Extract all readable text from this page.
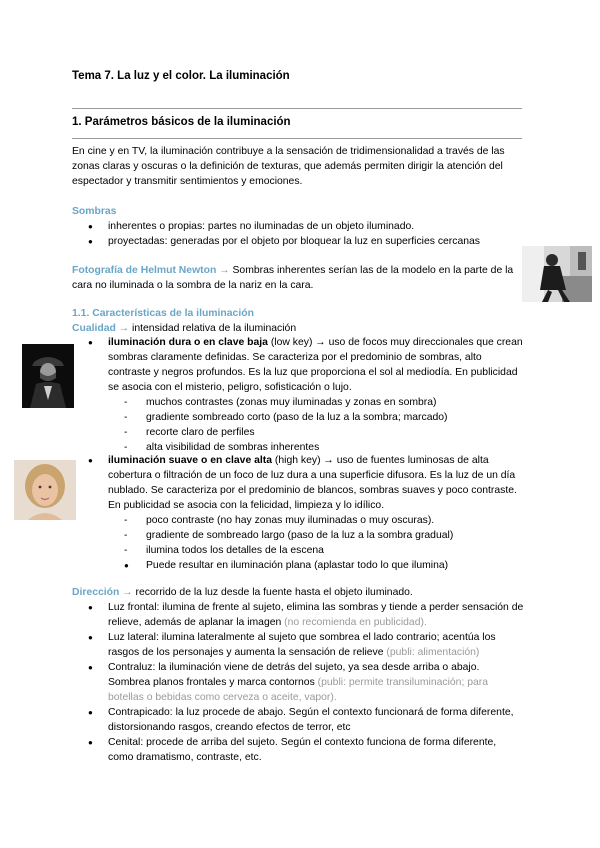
Tema 7. La luz y el color. La iluminación
1. Parámetros básicos de la iluminación
En cine y en TV, la iluminación contribuye a la sensación de tridimensionalidad a través de las zonas claras y oscuras o la definición de texturas, que además permiten dirigir la atención del espectador y transmitir sentimientos y emociones.
Sombras
● inherentes o propias: partes no iluminadas de un objeto iluminado.
● proyectadas: generadas por el objeto por bloquear la luz en superficies cercanas
Fotografía de Helmut Newton → Sombras inherentes serían las de la modelo en la parte de la cara no iluminada o la sombra de la nariz en la cara.
1.1. Características de la iluminación
Cualidad → intensidad relativa de la iluminación
● iluminación dura o en clave baja (low key) → uso de focos muy direccionales que crean sombras claramente definidas. Se caracteriza por el predominio de sombras, alto contraste y negros profundos. Es la luz que proporciona el sol al mediodía. En publicidad se asocia con el misterio, peligro, sofisticación o lujo.
- muchos contrastes (zonas muy iluminadas y zonas en sombra)
- gradiente sombreado corto (paso de la luz a la sombra; marcado)
- recorte claro de perfiles
- alta visibilidad de sombras inherentes
● iluminación suave o en clave alta (high key) → uso de fuentes luminosas de alta cobertura o filtración de un foco de luz dura a una superficie difusora. Es la luz de un día nublado. Se caracteriza por el predominio de blancos, sombras suaves y poco contraste. En publicidad se asocia con la felicidad, limpieza y lo idílico.
- poco contraste (no hay zonas muy iluminadas o muy oscuras).
- gradiente de sombreado largo (paso de la luz a la sombra gradual)
- ilumina todos los detalles de la escena
● Puede resultar en iluminación plana (aplastar todo lo que ilumina)
Dirección → recorrido de la luz desde la fuente hasta el objeto iluminado.
● Luz frontal: ilumina de frente al sujeto, elimina las sombras y tiende a perder sensación de relieve, además de aplanar la imagen (no recomienda en publicidad).
● Luz lateral: ilumina lateralmente al sujeto que sombrea el lado contrario; acentúa los rasgos de los personajes y aumenta la sensación de relieve (publi: alimentación)
● Contraluz: la iluminación viene de detrás del sujeto, ya sea desde arriba o abajo. Sombrea planos frontales y marca contornos (publi: permite transiluminación; para botellas o bebidas como cerveza o aceite, vapor).
● Contrapicado: la luz procede de abajo. Según el contexto funcionará de forma diferente, distorsionando rasgos, creando efectos de terror, etc
● Cenital: procede de arriba del sujeto. Según el contexto funciona de forma diferente, como dramatismo, contraste, etc.
